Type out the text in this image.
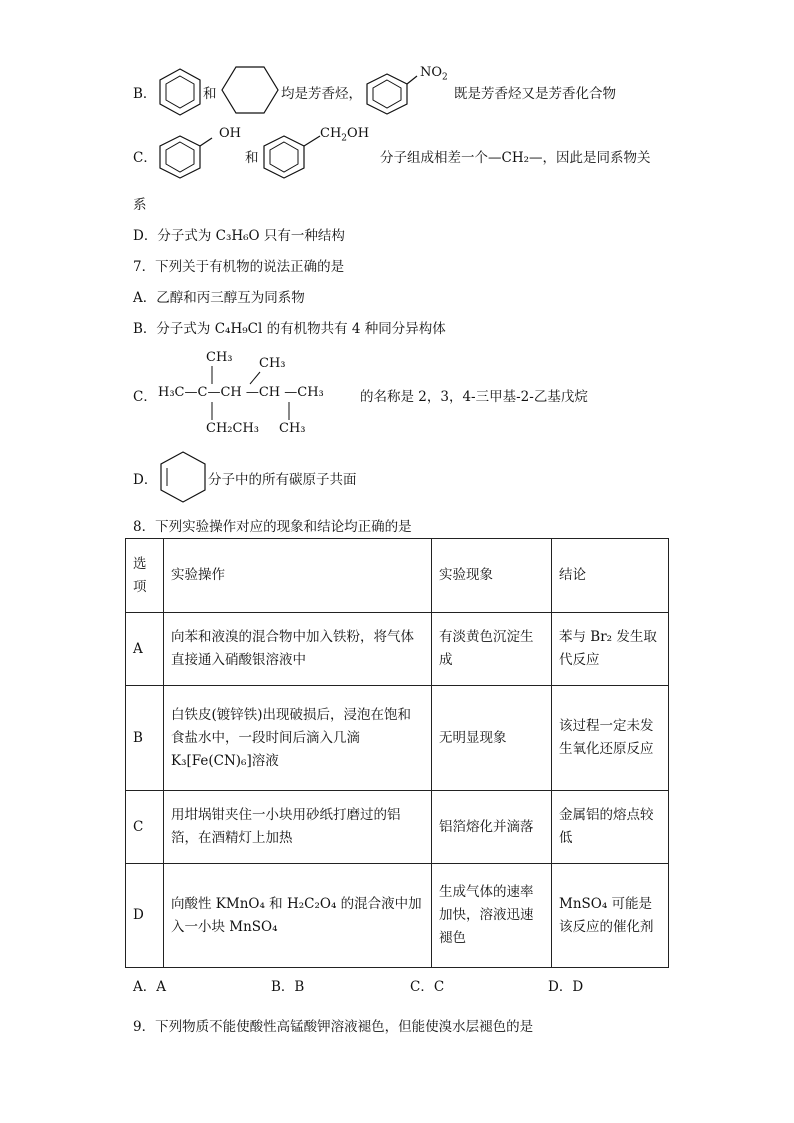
B．	和	均是芳香烃，
$NO_2$
既是芳香烃又是芳香化合物
C．
OH
和
$CH_2OH$
分子组成相差一个—CH₂—，因此是同系物关
系
D．分子式为 C₃H₆O 只有一种结构
7．下列关于有机物的说法正确的是
A．乙醇和丙三醇互为同系物
B．分子式为 C₄H₉Cl 的有机物共有 4 种同分异构体
C．
CH₃ CH₃
H₃C—C—CH —CH —CH₃
CH₂CH₃ CH₃
的名称是 2，3，4-三甲基-2-乙基戊烷
D．	分子中的所有碳原子共面
8．下列实验操作对应的现象和结论均正确的是
选项	实验操作	实验现象	结论
A	向苯和液溴的混合物中加入铁粉，将气体直接通入硝酸银溶液中	有淡黄色沉淀生成	苯与 Br₂ 发生取代反应
B	白铁皮(镀锌铁)出现破损后，浸泡在饱和食盐水中，一段时间后滴入几滴 K₃[Fe(CN)₆]溶液	无明显现象	该过程一定未发生氧化还原反应
C	用坩埚钳夹住一小块用砂纸打磨过的铝箔，在酒精灯上加热	铝箔熔化并滴落	金属铝的熔点较低
D	向酸性 KMnO₄ 和 H₂C₂O₄ 的混合液中加入一小块 MnSO₄	生成气体的速率加快，溶液迅速褪色	MnSO₄ 可能是该反应的催化剂
A．A	B．B	C．C	D．D
9．下列物质不能使酸性高锰酸钾溶液褪色，但能使溴水层褪色的是
